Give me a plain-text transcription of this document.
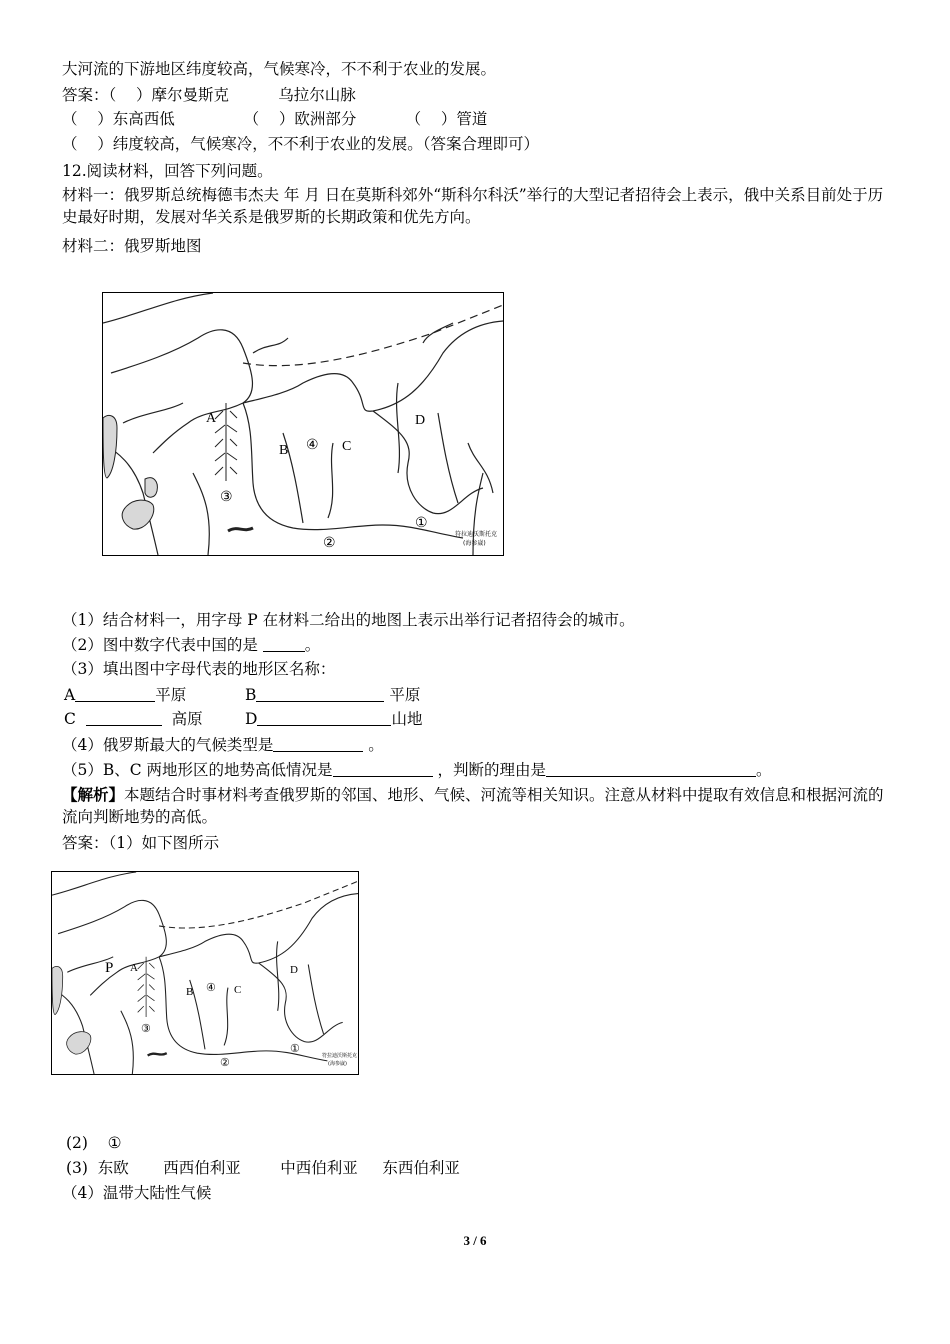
大河流的下游地区纬度较高，气候寒冷，不不利于农业的发展。
答案：（    ）摩尔曼斯克          乌拉尔山脉
（    ）东高西低              （    ）欧洲部分          （    ）管道
（    ）纬度较高，气候寒冷，不不利于农业的发展。（答案合理即可）
12.阅读材料，回答下列问题。
材料一：俄罗斯总统梅德韦杰夫 年 月 日在莫斯科郊外“斯科尔科沃”举行的大型记者招待会上表示，俄中关系目前处于历史最好时期，发展对华关系是俄罗斯的长期政策和优先方向。
材料二：俄罗斯地图
A
B ④ C
D
③
②
①
符拉迪沃斯托克
(海参崴)
（1）结合材料一，用字母 P 在材料二给出的地图上表示出举行记者招待会的城市。
（2）图中数字代表中国的是	。
（3）填出图中字母代表的地形区名称：
A	平原	B	平原
C	高原	D	山地
（4）俄罗斯最大的气候类型是	。
（5）B、C 两地形区的地势高低情况是	，判断的理由是	。
【解析】本题结合时事材料考查俄罗斯的邻国、地形、气候、河流等相关知识。注意从材料中提取有效信息和根据河流的流向判断地势的高低。
答案：（1）如下图所示
P A
B ④ C
D
③
②
①
符拉迪沃斯托克
(海参崴)
(2)    ①
(3)  东欧       西西伯利亚        中西伯利亚     东西伯利亚
（4）温带大陆性气候
3 / 6
